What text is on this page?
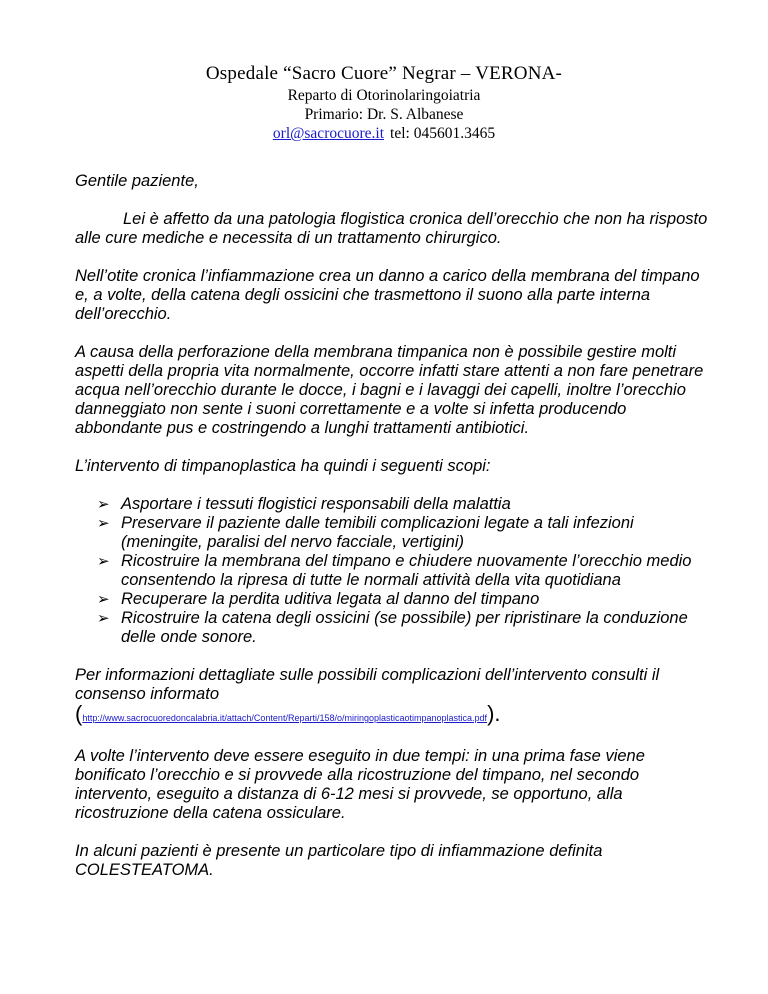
Ospedale “Sacro Cuore” Negrar – VERONA-
Reparto di Otorinolaringoiatria
Primario: Dr. S. Albanese
orl@sacrocuore.it tel: 045601.3465

Gentile paziente,

Lei è affetto da una patologia flogistica cronica dell’orecchio che non ha risposto alle cure mediche e necessita di un trattamento chirurgico.

Nell’otite cronica l’infiammazione crea un danno a carico della membrana del timpano e, a volte, della catena degli ossicini che trasmettono il suono alla parte interna dell’orecchio.

A causa della perforazione della membrana timpanica non è possibile gestire molti aspetti della propria vita normalmente, occorre infatti stare attenti a non fare penetrare acqua nell’orecchio durante le docce, i bagni e i lavaggi dei capelli, inoltre l’orecchio danneggiato non sente i suoni correttamente e a volte si infetta producendo abbondante pus e costringendo a lunghi trattamenti antibiotici.

L’intervento di timpanoplastica ha quindi i seguenti scopi:

➢ Asportare i tessuti flogistici responsabili della malattia
➢ Preservare il paziente dalle temibili complicazioni legate a tali infezioni (meningite, paralisi del nervo facciale, vertigini)
➢ Ricostruire la membrana del timpano e chiudere nuovamente l’orecchio medio consentendo la ripresa di tutte le normali attività della vita quotidiana
➢ Recuperare la perdita uditiva legata al danno del timpano
➢ Ricostruire la catena degli ossicini (se possibile) per ripristinare la conduzione delle onde sonore.

Per informazioni dettagliate sulle possibili complicazioni dell’intervento consulti il consenso informato
(http://www.sacrocuoredoncalabria.it/attach/Content/Reparti/158/o/miringoplasticaotimpanoplastica.pdf).

A volte l’intervento deve essere eseguito in due tempi: in una prima fase viene bonificato l’orecchio e si provvede alla ricostruzione del timpano, nel secondo intervento, eseguito a distanza di 6-12 mesi si provvede, se opportuno, alla ricostruzione della catena ossiculare.

In alcuni pazienti è presente un particolare tipo di infiammazione definita COLESTEATOMA.
